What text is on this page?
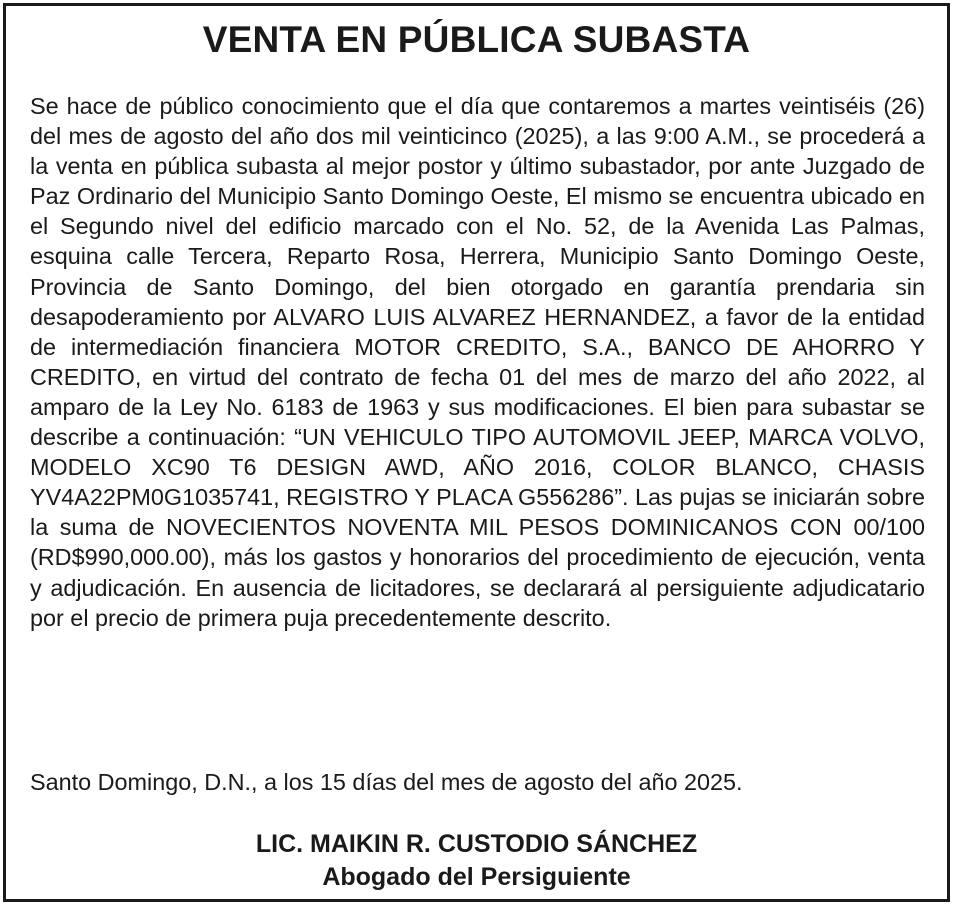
VENTA EN PÚBLICA SUBASTA

Se hace de público conocimiento que el día que contaremos a martes veintiséis (26) del mes de agosto del año dos mil veinticinco (2025), a las 9:00 A.M., se procederá a la venta en pública subasta al mejor postor y último subastador, por ante Juzgado de Paz Ordinario del Municipio Santo Domingo Oeste, El mismo se encuentra ubicado en el Segundo nivel del edificio marcado con el No. 52, de la Avenida Las Palmas, esquina calle Tercera, Reparto Rosa, Herrera, Municipio Santo Domingo Oeste, Provincia de Santo Domingo, del bien otorgado en garantía prendaria sin desapoderamiento por ALVARO LUIS ALVAREZ HERNANDEZ, a favor de la entidad de intermediación financiera MOTOR CREDITO, S.A., BANCO DE AHORRO Y CREDITO, en virtud del contrato de fecha 01 del mes de marzo del año 2022, al amparo de la Ley No. 6183 de 1963 y sus modificaciones. El bien para subastar se describe a continuación: “UN VEHICULO TIPO AUTOMOVIL JEEP, MARCA VOLVO, MODELO XC90 T6 DESIGN AWD, AÑO 2016, COLOR BLANCO, CHASIS YV4A22PM0G1035741, REGISTRO Y PLACA G556286”. Las pujas se iniciarán sobre la suma de NOVECIENTOS NOVENTA MIL PESOS DOMINICANOS CON 00/100 (RD$990,000.00), más los gastos y honorarios del procedimiento de ejecución, venta y adjudicación. En ausencia de licitadores, se declarará al persiguiente adjudicatario por el precio de primera puja precedentemente descrito.

Santo Domingo, D.N., a los 15 días del mes de agosto del año 2025.

LIC. MAIKIN R. CUSTODIO SÁNCHEZ

Abogado del Persiguiente
